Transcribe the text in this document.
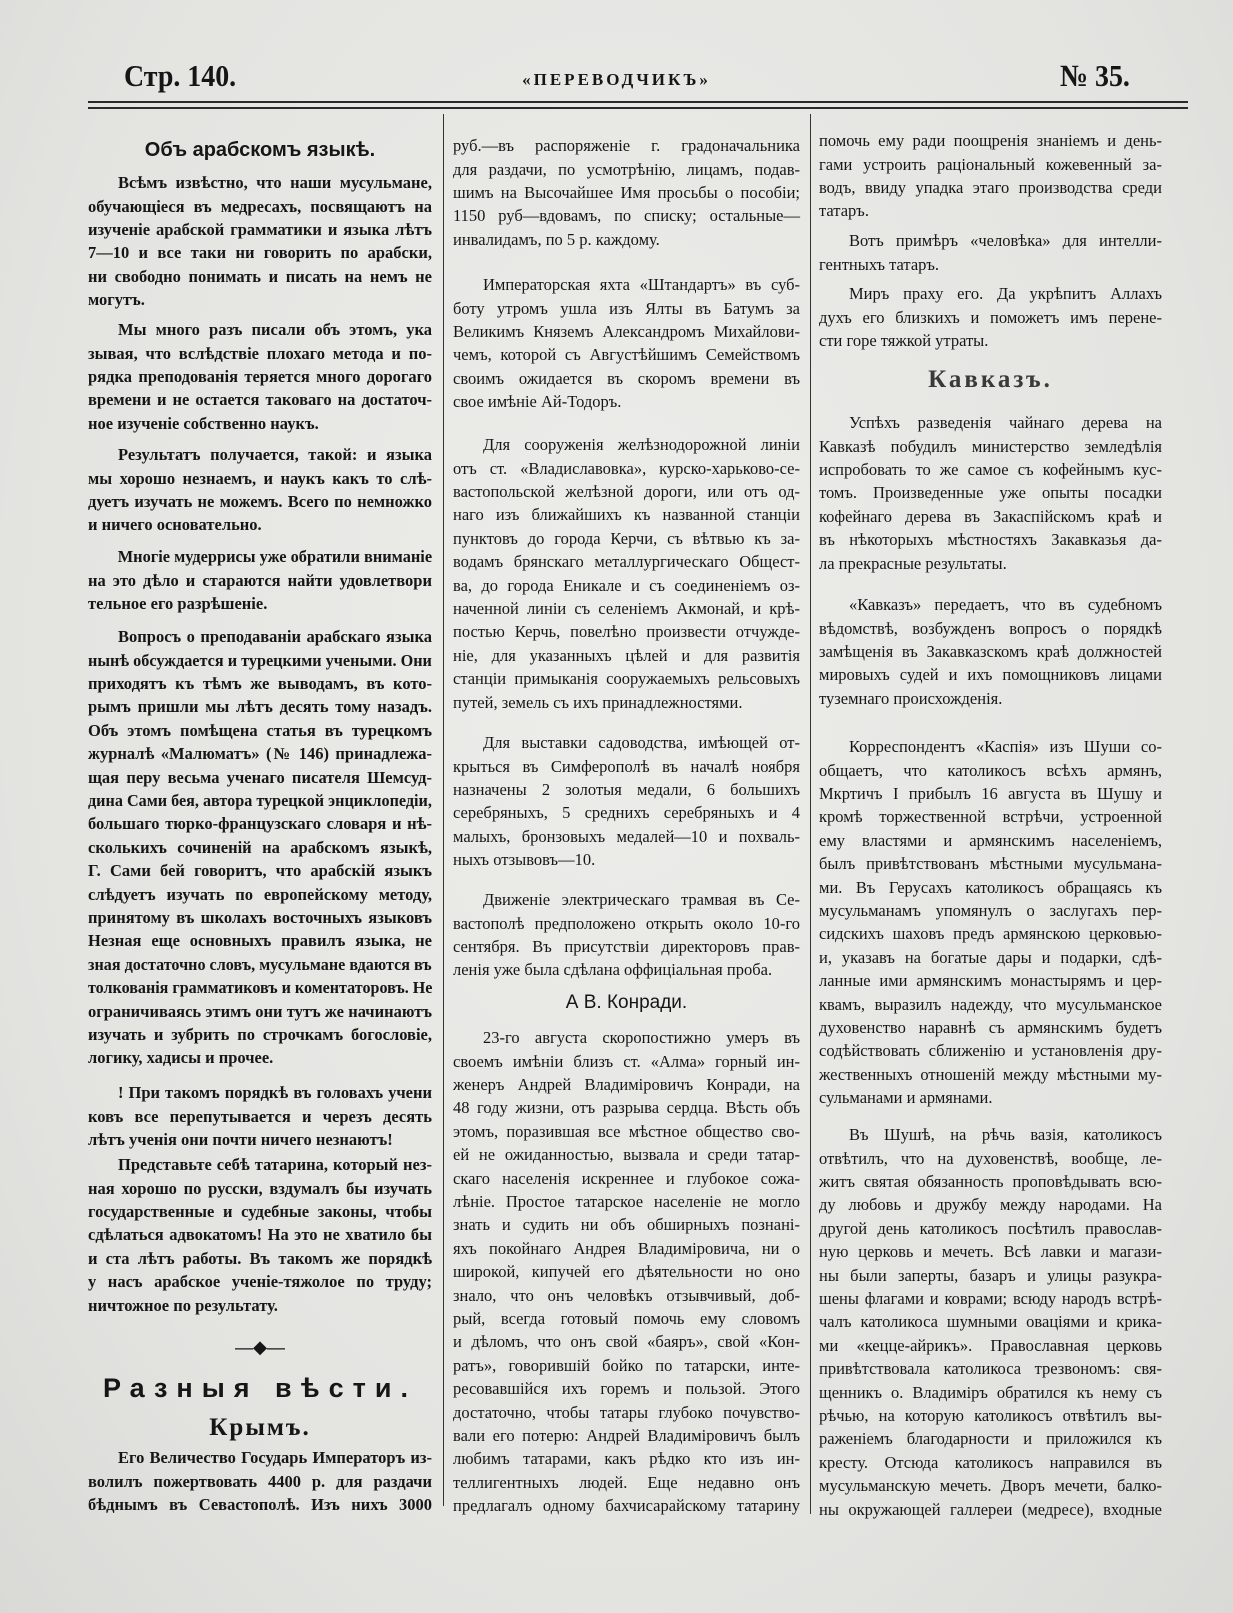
Стр. 140.	«ПЕРЕВОДЧИКЪ»	№ 35.
Объ арабскомъ языкѣ.
Всѣмъ извѣстно, что наши мусульмане,
обучающіеся въ медресахъ, посвящаютъ на
изученіе арабской грамматики и языка лѣтъ
7—10 и все таки ни говорить по арабски,
ни свободно понимать и писать на немъ не
могутъ.
Мы много разъ писали объ этомъ, ука
зывая, что вслѣдствіе плохаго метода и по-
рядка преподованія теряется много дорогаго
времени и не остается таковаго на достаточ-
ное изученіе собственно наукъ.
Результатъ получается, такой: и языка
мы хорошо незнаемъ, и наукъ какъ то слѣ-
дуетъ изучать не можемъ. Всего по немножко
и ничего основательно.
Многіе мудеррисы уже обратили вниманіе
на это дѣло и стараются найти удовлетвори
тельное его разрѣшеніе.
Вопросъ о преподаваніи арабскаго языка
нынѣ обсуждается и турецкими учеными. Они
приходятъ къ тѣмъ же выводамъ, въ кото-
рымъ пришли мы лѣтъ десять тому назадъ.
Объ этомъ помѣщена статья въ турецкомъ
журналѣ «Малюматъ» (№ 146) принадлежа-
щая перу весьма ученаго писателя Шемсуд-
дина Сами бея, автора турецкой энциклопедіи,
большаго тюрко-французскаго словаря и нѣ-
сколькихъ сочиненій на арабскомъ языкѣ,
Г. Сами бей говоритъ, что арабскій языкъ
слѣдуетъ изучать по европейскому методу,
принятому въ школахъ восточныхъ языковъ
Незная еще основныхъ правилъ языка, не
зная достаточно словъ, мусульмане вдаются въ
толкованія грамматиковъ и коментаторовъ. Не
ограничиваясь этимъ они тутъ же начинаютъ
изучать и зубрить по строчкамъ богословіе,
логику, хадисы и прочее.
! При такомъ порядкѣ въ головахъ учени
ковъ все перепутывается и черезъ десять
лѣтъ ученія они почти ничего незнаютъ!
Представьте себѣ татарина, который нез-
ная хорошо по русски, вздумалъ бы изучать
государственные и судебные законы, чтобы
сдѣлаться адвокатомъ! На это не хватило бы
и ста лѣтъ работы. Въ такомъ же порядкѣ
у насъ арабское ученіе-тяжолое по труду;
ничтожное по результату.
—◆—
Разныя вѣсти.
Крымъ.
Его Величество Государь Императоръ из-
волилъ пожертвовать 4400 р. для раздачи
бѣднымъ въ Севастополѣ. Изъ нихъ 3000
руб.—въ распоряженіе г. градоначальника
для раздачи, по усмотрѣнію, лицамъ, подав-
шимъ на Высочайшее Имя просьбы о пособіи;
1150 руб—вдовамъ, по списку; остальные—
инвалидамъ, по 5 р. каждому.
Императорская яхта «Штандартъ» въ суб-
боту утромъ ушла изъ Ялты въ Батумъ за
Великимъ Княземъ Александромъ Михайлови-
чемъ, которой съ Августѣйшимъ Семействомъ
своимъ ожидается въ скоромъ времени въ
свое имѣніе Ай-Тодоръ.
Для сооруженія желѣзнодорожной линіи
отъ ст. «Владиславовка», курско-харьково-се-
вастопольской желѣзной дороги, или отъ од-
наго изъ ближайшихъ къ названной станціи
пунктовъ до города Керчи, съ вѣтвью къ за-
водамъ брянскаго металлургическаго Общест-
ва, до города Еникале и съ соединеніемъ оз-
наченной линіи съ селеніемъ Акмонай, и крѣ-
постью Керчь, повелѣно произвести отчужде-
ніе, для указанныхъ цѣлей и для развитія
станціи примыканія сооружаемыхъ рельсовыхъ
путей, земель съ ихъ принадлежностями.
Для выставки садоводства, имѣющей от-
крыться въ Симферополѣ въ началѣ ноября
назначены 2 золотыя медали, 6 большихъ
серебряныхъ, 5 среднихъ серебряныхъ и 4
малыхъ, бронзовыхъ медалей—10 и похваль-
ныхъ отзывовъ—10.
Движеніе электрическаго трамвая въ Се-
вастополѣ предположено открыть около 10-го
сентября. Въ присутствіи директоровъ прав-
ленія уже была сдѣлана оффиціальная проба.
А В. Конради.
23-го августа скоропостижно умеръ въ
своемъ имѣніи близъ ст. «Алма» горный ин-
женеръ Андрей Владиміровичъ Конради, на
48 году жизни, отъ разрыва сердца. Вѣсть объ
этомъ, поразившая все мѣстное общество сво-
ей не ожиданностью, вызвала и среди татар-
скаго населенія искреннее и глубокое сожа-
лѣніе. Простое татарское населеніе не могло
знать и судить ни объ обширныхъ познані-
яхъ покойнаго Андрея Владиміровича, ни о
широкой, кипучей его дѣятельности но оно
знало, что онъ человѣкъ отзывчивый, доб-
рый, всегда готовый помочь ему словомъ
и дѣломъ, что онъ свой «баяръ», свой «Кон-
ратъ», говорившій бойко по татарски, инте-
ресовавшійся ихъ горемъ и пользой. Этого
достаточно, чтобы татары глубоко почувство-
вали его потерю: Андрей Владиміровичъ былъ
любимъ татарами, какъ рѣдко кто изъ ин-
теллигентныхъ людей. Еще недавно онъ
предлагалъ одному бахчисарайскому татарину
помочь ему ради поощренія знаніемъ и день-
гами устроить раціональный кожевенный за-
водъ, ввиду упадка этаго производства среди
татаръ.
Вотъ примѣръ «человѣка» для интелли-
гентныхъ татаръ.
Миръ праху его. Да укрѣпитъ Аллахъ
духъ его близкихъ и поможетъ имъ перене-
сти горе тяжкой утраты.
Кавказъ.
Успѣхъ разведенія чайнаго дерева на
Кавказѣ побудилъ министерство земледѣлія
испробовать то же самое съ кофейнымъ кус-
томъ. Произведенные уже опыты посадки
кофейнаго дерева въ Закаспійскомъ краѣ и
въ нѣкоторыхъ мѣстностяхъ Закавказья да-
ла прекрасные результаты.
«Кавказъ» передаетъ, что въ судебномъ
вѣдомствѣ, возбужденъ вопросъ о порядкѣ
замѣщенія въ Закавказскомъ краѣ должностей
мировыхъ судей и ихъ помощниковъ лицами
туземнаго происхожденія.
Корреспондентъ «Каспія» изъ Шуши со-
общаетъ, что католикосъ всѣхъ армянъ,
Мкртичъ I прибылъ 16 августа въ Шушу и
кромѣ торжественной встрѣчи, устроенной
ему властями и армянскимъ населеніемъ,
былъ привѣтствованъ мѣстными мусульмана-
ми. Въ Герусахъ католикосъ обращаясь къ
мусульманамъ упомянулъ о заслугахъ пер-
сидскихъ шаховъ предъ армянскою церковью-
и, указавъ на богатые дары и подарки, сдѣ-
ланные ими армянскимъ монастырямъ и цер-
квамъ, выразилъ надежду, что мусульманское
духовенство наравнѣ съ армянскимъ будетъ
содѣйствовать сближенію и установленія дру-
жественныхъ отношеній между мѣстными му-
сульманами и армянами.
Въ Шушѣ, на рѣчь вазія, католикосъ
отвѣтилъ, что на духовенствѣ, вообще, ле-
житъ святая обязанность проповѣдывать всю-
ду любовь и дружбу между народами. На
другой день католикосъ посѣтилъ православ-
ную церковь и мечеть. Всѣ лавки и магази-
ны были заперты, базаръ и улицы разукра-
шены флагами и коврами; всюду народъ встрѣ-
чалъ католикоса шумными оваціями и крика-
ми «кецце-айрикъ». Православная церковь
привѣтствовала католикоса трезвономъ: свя-
щенникъ о. Владиміръ обратился къ нему съ
рѣчью, на которую католикосъ отвѣтилъ вы-
раженіемъ благодарности и приложился къ
кресту. Отсюда католикосъ направился въ
мусульманскую мечеть. Дворъ мечети, балко-
ны окружающей галлереи (медресе), входные
